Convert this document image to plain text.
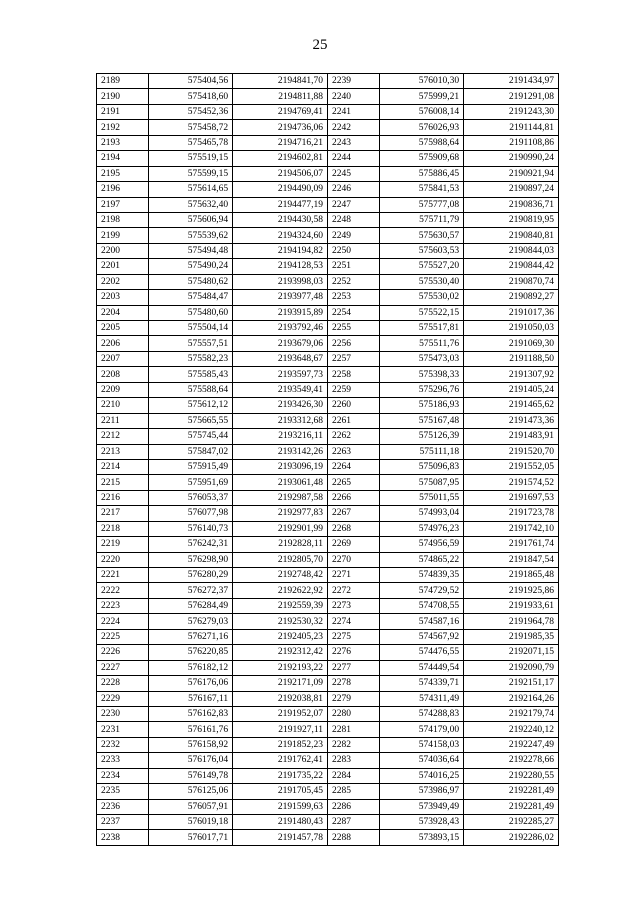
25
2189	575404,56	2194841,70	2239	576010,30	2191434,97
2190	575418,60	2194811,88	2240	575999,21	2191291,08
2191	575452,36	2194769,41	2241	576008,14	2191243,30
2192	575458,72	2194736,06	2242	576026,93	2191144,81
2193	575465,78	2194716,21	2243	575988,64	2191108,86
2194	575519,15	2194602,81	2244	575909,68	2190990,24
2195	575599,15	2194506,07	2245	575886,45	2190921,94
2196	575614,65	2194490,09	2246	575841,53	2190897,24
2197	575632,40	2194477,19	2247	575777,08	2190836,71
2198	575606,94	2194430,58	2248	575711,79	2190819,95
2199	575539,62	2194324,60	2249	575630,57	2190840,81
2200	575494,48	2194194,82	2250	575603,53	2190844,03
2201	575490,24	2194128,53	2251	575527,20	2190844,42
2202	575480,62	2193998,03	2252	575530,40	2190870,74
2203	575484,47	2193977,48	2253	575530,02	2190892,27
2204	575480,60	2193915,89	2254	575522,15	2191017,36
2205	575504,14	2193792,46	2255	575517,81	2191050,03
2206	575557,51	2193679,06	2256	575511,76	2191069,30
2207	575582,23	2193648,67	2257	575473,03	2191188,50
2208	575585,43	2193597,73	2258	575398,33	2191307,92
2209	575588,64	2193549,41	2259	575296,76	2191405,24
2210	575612,12	2193426,30	2260	575186,93	2191465,62
2211	575665,55	2193312,68	2261	575167,48	2191473,36
2212	575745,44	2193216,11	2262	575126,39	2191483,91
2213	575847,02	2193142,26	2263	575111,18	2191520,70
2214	575915,49	2193096,19	2264	575096,83	2191552,05
2215	575951,69	2193061,48	2265	575087,95	2191574,52
2216	576053,37	2192987,58	2266	575011,55	2191697,53
2217	576077,98	2192977,83	2267	574993,04	2191723,78
2218	576140,73	2192901,99	2268	574976,23	2191742,10
2219	576242,31	2192828,11	2269	574956,59	2191761,74
2220	576298,90	2192805,70	2270	574865,22	2191847,54
2221	576280,29	2192748,42	2271	574839,35	2191865,48
2222	576272,37	2192622,92	2272	574729,52	2191925,86
2223	576284,49	2192559,39	2273	574708,55	2191933,61
2224	576279,03	2192530,32	2274	574587,16	2191964,78
2225	576271,16	2192405,23	2275	574567,92	2191985,35
2226	576220,85	2192312,42	2276	574476,55	2192071,15
2227	576182,12	2192193,22	2277	574449,54	2192090,79
2228	576176,06	2192171,09	2278	574339,71	2192151,17
2229	576167,11	2192038,81	2279	574311,49	2192164,26
2230	576162,83	2191952,07	2280	574288,83	2192179,74
2231	576161,76	2191927,11	2281	574179,00	2192240,12
2232	576158,92	2191852,23	2282	574158,03	2192247,49
2233	576176,04	2191762,41	2283	574036,64	2192278,66
2234	576149,78	2191735,22	2284	574016,25	2192280,55
2235	576125,06	2191705,45	2285	573986,97	2192281,49
2236	576057,91	2191599,63	2286	573949,49	2192281,49
2237	576019,18	2191480,43	2287	573928,43	2192285,27
2238	576017,71	2191457,78	2288	573893,15	2192286,02
